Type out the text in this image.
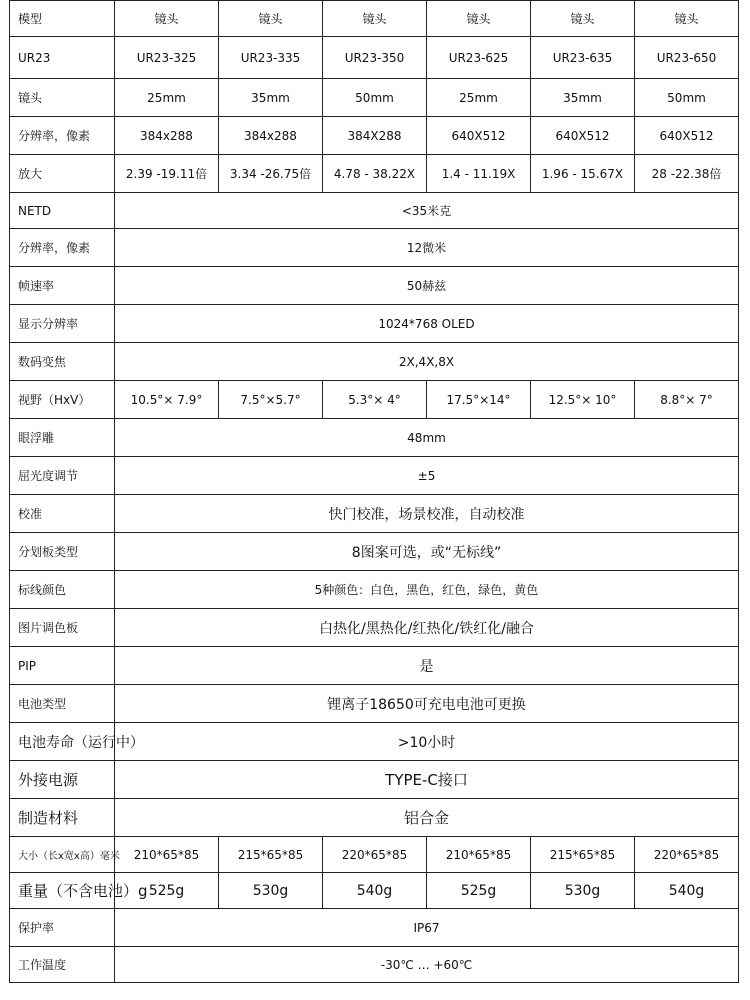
模型	镜头	镜头	镜头	镜头	镜头	镜头
UR23	UR23-325	UR23-335	UR23-350	UR23-625	UR23-635	UR23-650
镜头	25mm	35mm	50mm	25mm	35mm	50mm
分辨率，像素	384x288	384x288	384X288	640X512	640X512	640X512
放大	2.39 -19.11倍	3.34 -26.75倍	4.78 - 38.22X	1.4 - 11.19X	1.96 - 15.67X	28 -22.38倍
NETD	<35米克					
分辨率，像素	12微米					
帧速率	50赫兹					
显示分辨率	1024*768 OLED					
数码变焦	2X,4X,8X					
视野（HxV）	10.5°× 7.9°	7.5°×5.7°	5.3°× 4°	17.5°×14°	12.5°× 10°	8.8°× 7°
眼浮雕	48mm					
屈光度调节	±5					
校准	快门校准，场景校准，自动校准					
分划板类型	8图案可选，或“无标线”					
标线颜色	5种颜色：白色，黑色，红色，绿色，黄色					
图片调色板	白热化/黑热化/红热化/铁红化/融合					
PIP	是					
电池类型	锂离子18650可充电电池可更换					
电池寿命（运行中）	>10小时					
外接电源	TYPE-C接口					
制造材料	铝合金					
大小（长x宽x高）毫米	210*65*85	215*65*85	220*65*85	210*65*85	215*65*85	220*65*85
重量（不含电池）g	525g	530g	540g	525g	530g	540g
保护率	IP67					
工作温度	-30℃ … +60℃					
